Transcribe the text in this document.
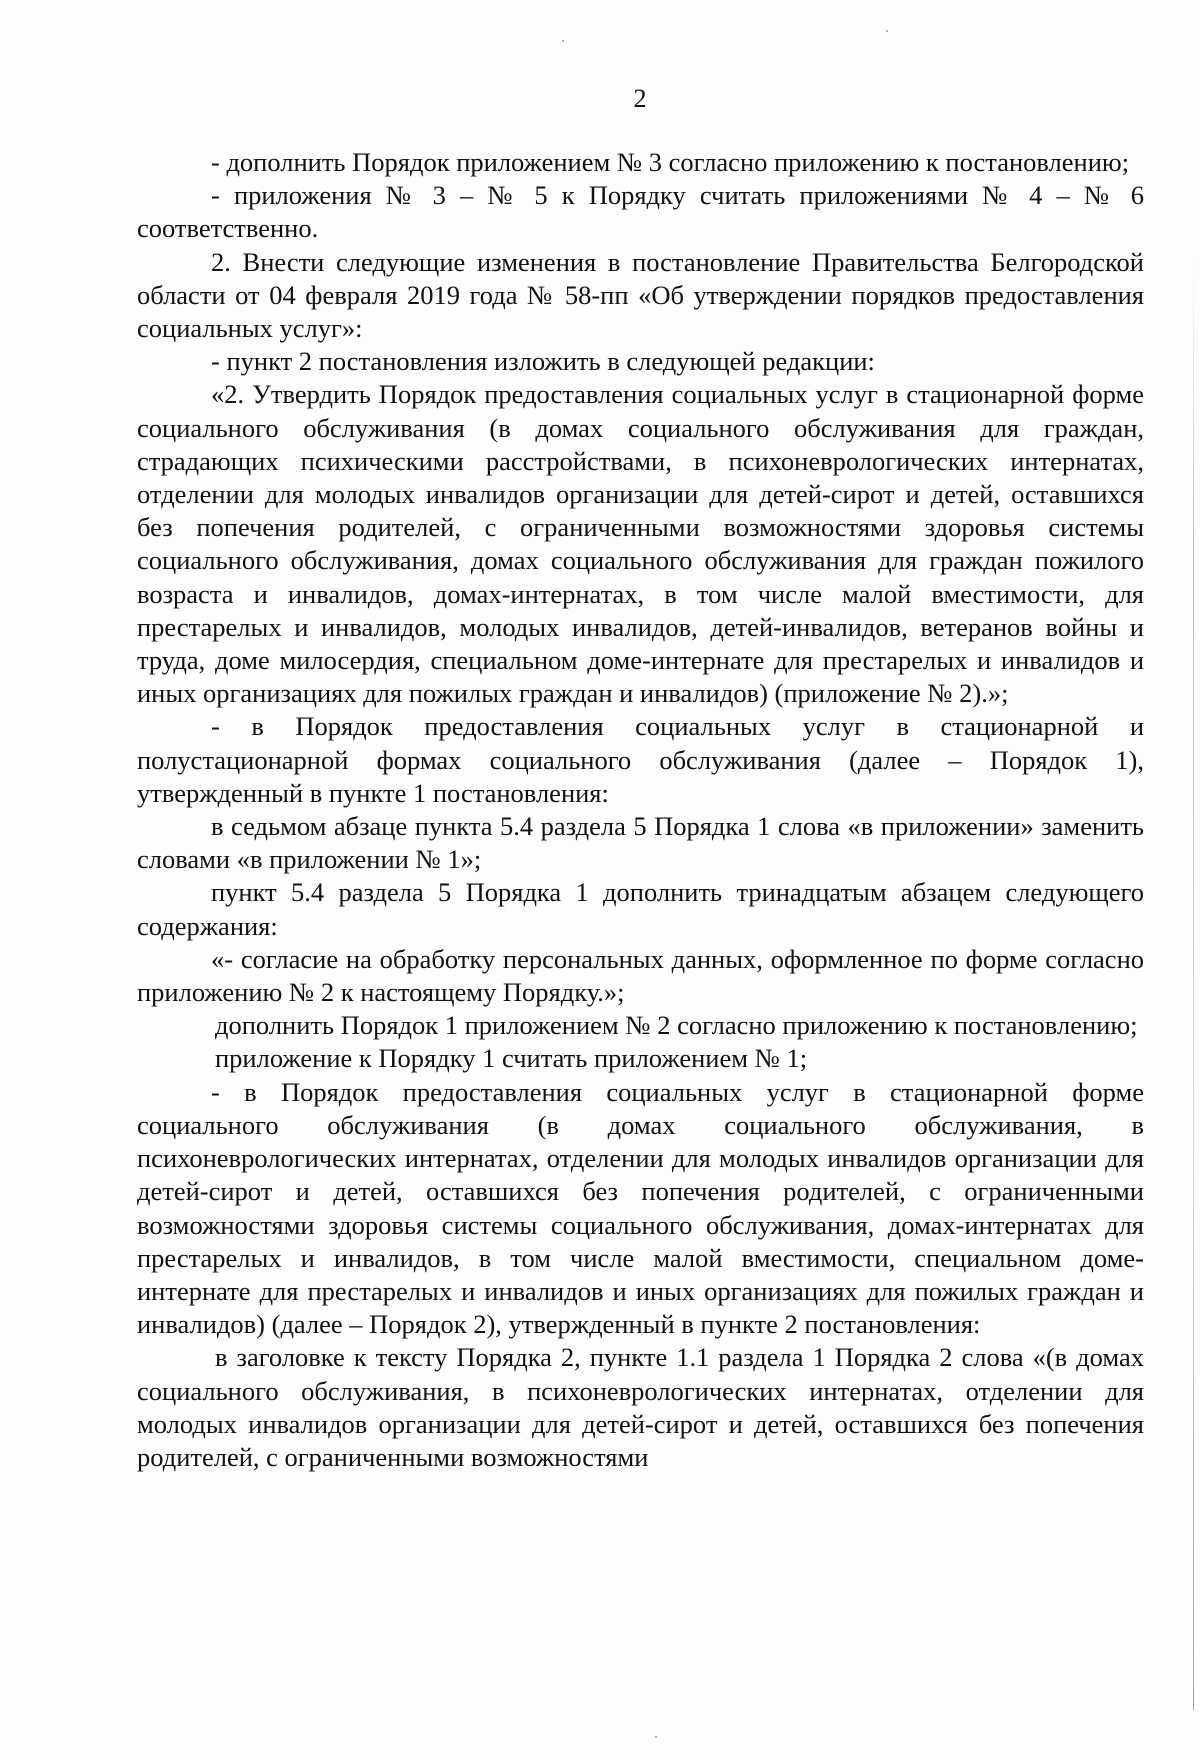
2

- дополнить Порядок приложением № 3 согласно приложению к постановлению;

- приложения № 3 – № 5 к Порядку считать приложениями № 4 – № 6 соответственно.

2. Внести следующие изменения в постановление Правительства Белгородской области от 04 февраля 2019 года № 58-пп «Об утверждении порядков предоставления социальных услуг»:

- пункт 2 постановления изложить в следующей редакции:

«2. Утвердить Порядок предоставления социальных услуг в стационарной форме социального обслуживания (в домах социального обслуживания для граждан, страдающих психическими расстройствами, в психоневрологических интернатах, отделении для молодых инвалидов организации для детей-сирот и детей, оставшихся без попечения родителей, с ограниченными возможностями здоровья системы социального обслуживания, домах социального обслуживания для граждан пожилого возраста и инвалидов, домах-интернатах, в том числе малой вместимости, для престарелых и инвалидов, молодых инвалидов, детей-инвалидов, ветеранов войны и труда, доме милосердия, специальном доме-интернате для престарелых и инвалидов и иных организациях для пожилых граждан и инвалидов) (приложение № 2).»;

- в Порядок предоставления социальных услуг в стационарной и полустационарной формах социального обслуживания (далее – Порядок 1), утвержденный в пункте 1 постановления:

в седьмом абзаце пункта 5.4 раздела 5 Порядка 1 слова «в приложении» заменить словами «в приложении № 1»;

пункт 5.4 раздела 5 Порядка 1 дополнить тринадцатым абзацем следующего содержания:

«- согласие на обработку персональных данных, оформленное по форме согласно приложению № 2 к настоящему Порядку.»;

дополнить Порядок 1 приложением № 2 согласно приложению к постановлению;

приложение к Порядку 1 считать приложением № 1;

- в Порядок предоставления социальных услуг в стационарной форме социального обслуживания (в домах социального обслуживания, в психоневрологических интернатах, отделении для молодых инвалидов организации для детей-сирот и детей, оставшихся без попечения родителей, с ограниченными возможностями здоровья системы социального обслуживания, домах-интернатах для престарелых и инвалидов, в том числе малой вместимости, специальном доме-интернате для престарелых и инвалидов и иных организациях для пожилых граждан и инвалидов) (далее – Порядок 2), утвержденный в пункте 2 постановления:

в заголовке к тексту Порядка 2, пункте 1.1 раздела 1 Порядка 2 слова «(в домах социального обслуживания, в психоневрологических интернатах, отделении для молодых инвалидов организации для детей-сирот и детей, оставшихся без попечения родителей, с ограниченными возможностями
